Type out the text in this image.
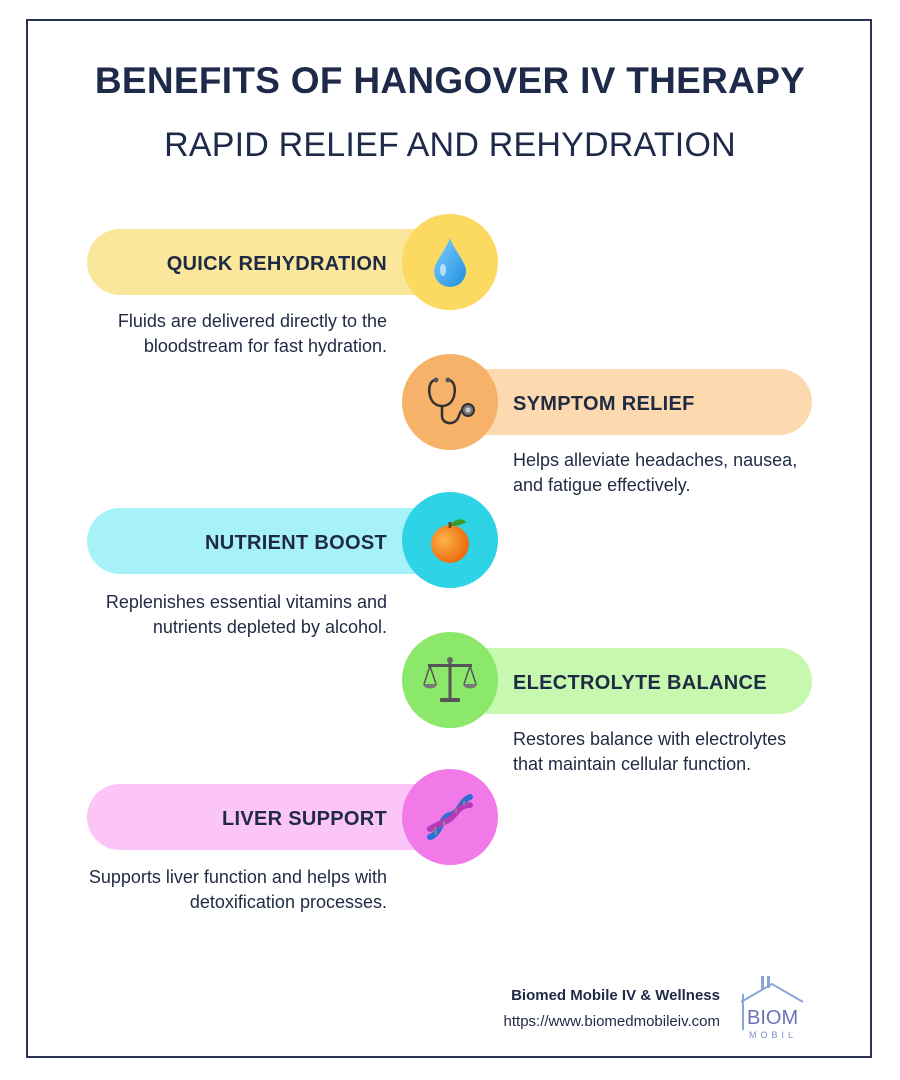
BENEFITS OF HANGOVER IV THERAPY
RAPID RELIEF AND REHYDRATION
QUICK REHYDRATION
Fluids are delivered directly to the bloodstream for fast hydration.
SYMPTOM RELIEF
Helps alleviate headaches, nausea, and fatigue effectively.
NUTRIENT BOOST
Replenishes essential vitamins and nutrients depleted by alcohol.
ELECTROLYTE BALANCE
Restores balance with electrolytes that maintain cellular function.
LIVER SUPPORT
Supports liver function and helps with detoxification processes.
Biomed Mobile IV & Wellness
https://www.biomedmobileiv.com BIOM
MOBIL
